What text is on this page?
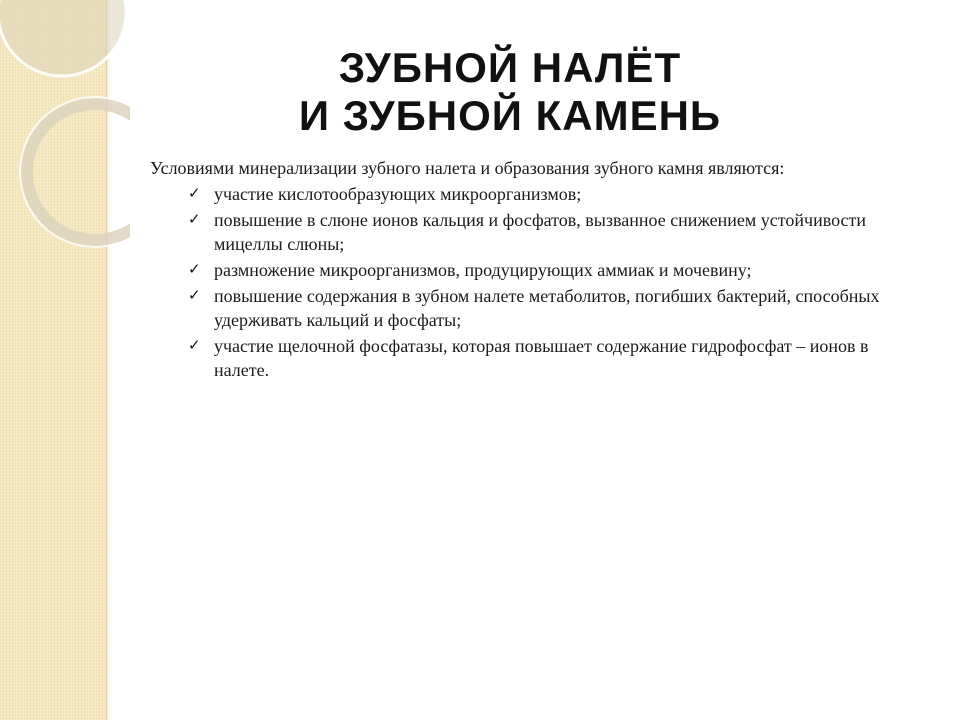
ЗУБНОЙ НАЛЁТ
И ЗУБНОЙ КАМЕНЬ

Условиями минерализации зубного налета и образования зубного камня являются:

✓ участие кислотообразующих микроорганизмов;
✓ повышение в слюне ионов кальция и фосфатов, вызванное снижением устойчивости мицеллы слюны;
✓ размножение микроорганизмов, продуцирующих аммиак и мочевину;
✓ повышение содержания в зубном налете метаболитов, погибших бактерий, способных удерживать кальций и фосфаты;
✓ участие щелочной фосфатазы, которая повышает содержание гидрофосфат – ионов в налете.
